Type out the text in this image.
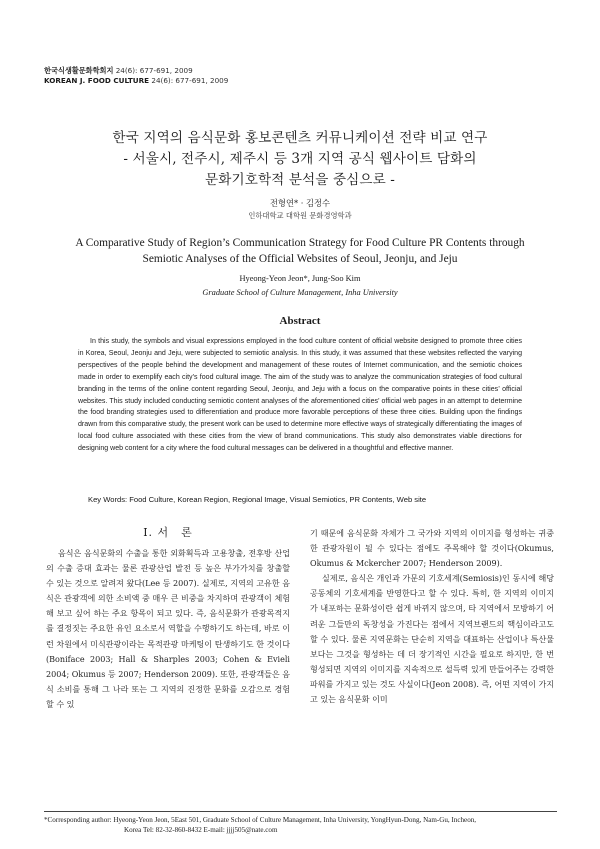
한국식생활문화학회지 24(6): 677-691, 2009
KOREAN J. FOOD CULTURE 24(6): 677-691, 2009
한국 지역의 음식문화 홍보콘텐츠 커뮤니케이션 전략 비교 연구
- 서울시, 전주시, 제주시 등 3개 지역 공식 웹사이트 담화의
문화기호학적 분석을 중심으로 -
전형연* · 김정수
인하대학교 대학원 문화경영학과
A Comparative Study of Region’s Communication Strategy for Food Culture PR Contents through
Semiotic Analyses of the Official Websites of Seoul, Jeonju, and Jeju
Hyeong-Yeon Jeon*, Jung-Soo Kim
Graduate School of Culture Management, Inha University
Abstract
In this study, the symbols and visual expressions employed in the food culture content of official website designed to promote three cities in Korea, Seoul, Jeonju and Jeju, were subjected to semiotic analysis. In this study, it was assumed that these websites reflected the varying perspectives of the people behind the development and management of these routes of Internet communication, and the semiotic choices made in order to exemplify each city’s food cultural image. The aim of the study was to analyze the communication strategies of food cultural branding in the terms of the online content regarding Seoul, Jeonju, and Jeju with a focus on the comparative points in these cities’ official websites. This study included conducting semiotic content analyses of the aforementioned cities’ official web pages in an attempt to determine the food branding strategies used to differentiation and produce more favorable perceptions of these three cities. Building upon the findings drawn from this comparative study, the present work can be used to determine more effective ways of strategically differentiating the images of local food culture associated with these cities from the view of brand communications. This study also demonstrates viable directions for designing web content for a city where the food cultural messages can be delivered in a thoughtful and effective manner.
Key Words: Food Culture, Korean Region, Regional Image, Visual Semiotics, PR Contents, Web site
I. 서　론

음식은 음식문화의 수출을 통한 외화획득과 고용창출, 전후방 산업의 수출 증대 효과는 물론 관광산업 발전 등 높은 부가가치를 창출할 수 있는 것으로 알려져 왔다(Lee 등 2007). 실제로, 지역의 고유한 음식은 관광객에 의한 소비액 중 매우 큰 비중을 차지하며 관광객이 체험해 보고 싶어 하는 주요 항목이 되고 있다. 즉, 음식문화가 관광목적지를 결정짓는 주요한 유인 요소로서 역할을 수행하기도 하는데, 바로 이런 차원에서 미식관광이라는 목적관광 마케팅이 탄생하기도 한 것이다(Boniface 2003; Hall & Sharples 2003; Cohen & Evieli 2004; Okumus 등 2007; Henderson 2009). 또한, 관광객들은 음식 소비를 통해 그 나라 또는 그 지역의 진정한 문화를 오감으로 경험할 수 있

기 때문에 음식문화 자체가 그 국가와 지역의 이미지를 형성하는 귀중한 관광자원이 될 수 있다는 점에도 주목해야 할 것이다(Okumus, Okumus & Mckercher 2007; Henderson 2009).

실제로, 음식은 개인과 가문의 기호세계(Semiosis)인 동시에 해당 공동체의 기호세계를 반영한다고 할 수 있다. 특히, 한 지역의 이미지가 내포하는 문화성이란 쉽게 바뀌지 않으며, 타 지역에서 모방하기 어려운 그들만의 독창성을 가진다는 점에서 지역브랜드의 핵심이라고도 할 수 있다. 물론 지역문화는 단순히 지역을 대표하는 산업이나 특산물 보다는 그것을 형성하는 데 더 장기적인 시간을 필요로 하지만, 한 번 형성되면 지역의 이미지를 지속적으로 설득력 있게 만들어주는 강력한 파워를 가지고 있는 것도 사실이다(Jeon 2008). 즉, 어떤 지역이 가지고 있는 음식문화 이미

*Corresponding author: Hyeong-Yeon Jeon, 5East 501, Graduate School of Culture Management, Inha University, YongHyun-Dong, Nam-Gu, Incheon,
Korea Tel: 82-32-860-8432 E-mail: jjjj505@nate.com
